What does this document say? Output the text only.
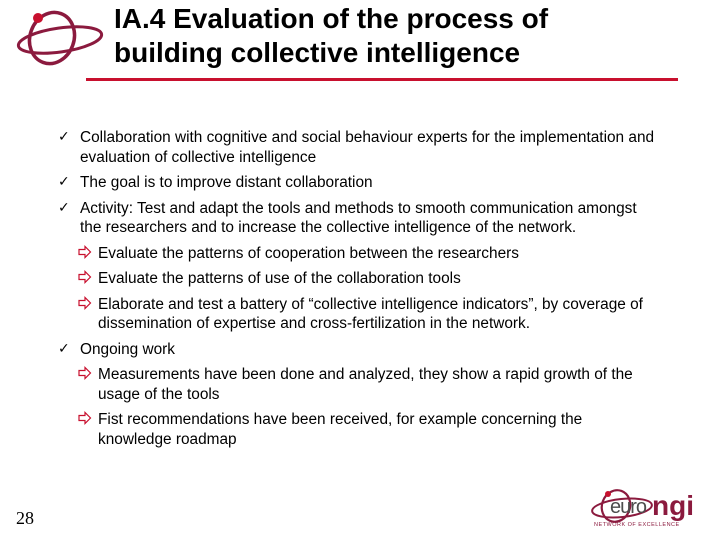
IA.4 Evaluation of the process of
building collective intelligence
✓ Collaboration with cognitive and social behaviour experts for the implementation and evaluation of collective intelligence
✓ The goal is to improve distant collaboration
✓ Activity: Test and adapt the tools and methods to smooth communication amongst the researchers and to increase the collective intelligence of the network.
Evaluate the patterns of cooperation between the researchers
Evaluate the patterns of use of the collaboration tools
Elaborate and test a battery of “collective intelligence indicators”, by coverage of dissemination of expertise and cross-fertilization in the network.
✓ Ongoing work
Measurements have been done and analyzed, they show a rapid growth of the usage of the tools
Fist recommendations have been received, for example concerning the knowledge roadmap
28	euro ngi
NETWORK OF EXCELLENCE
